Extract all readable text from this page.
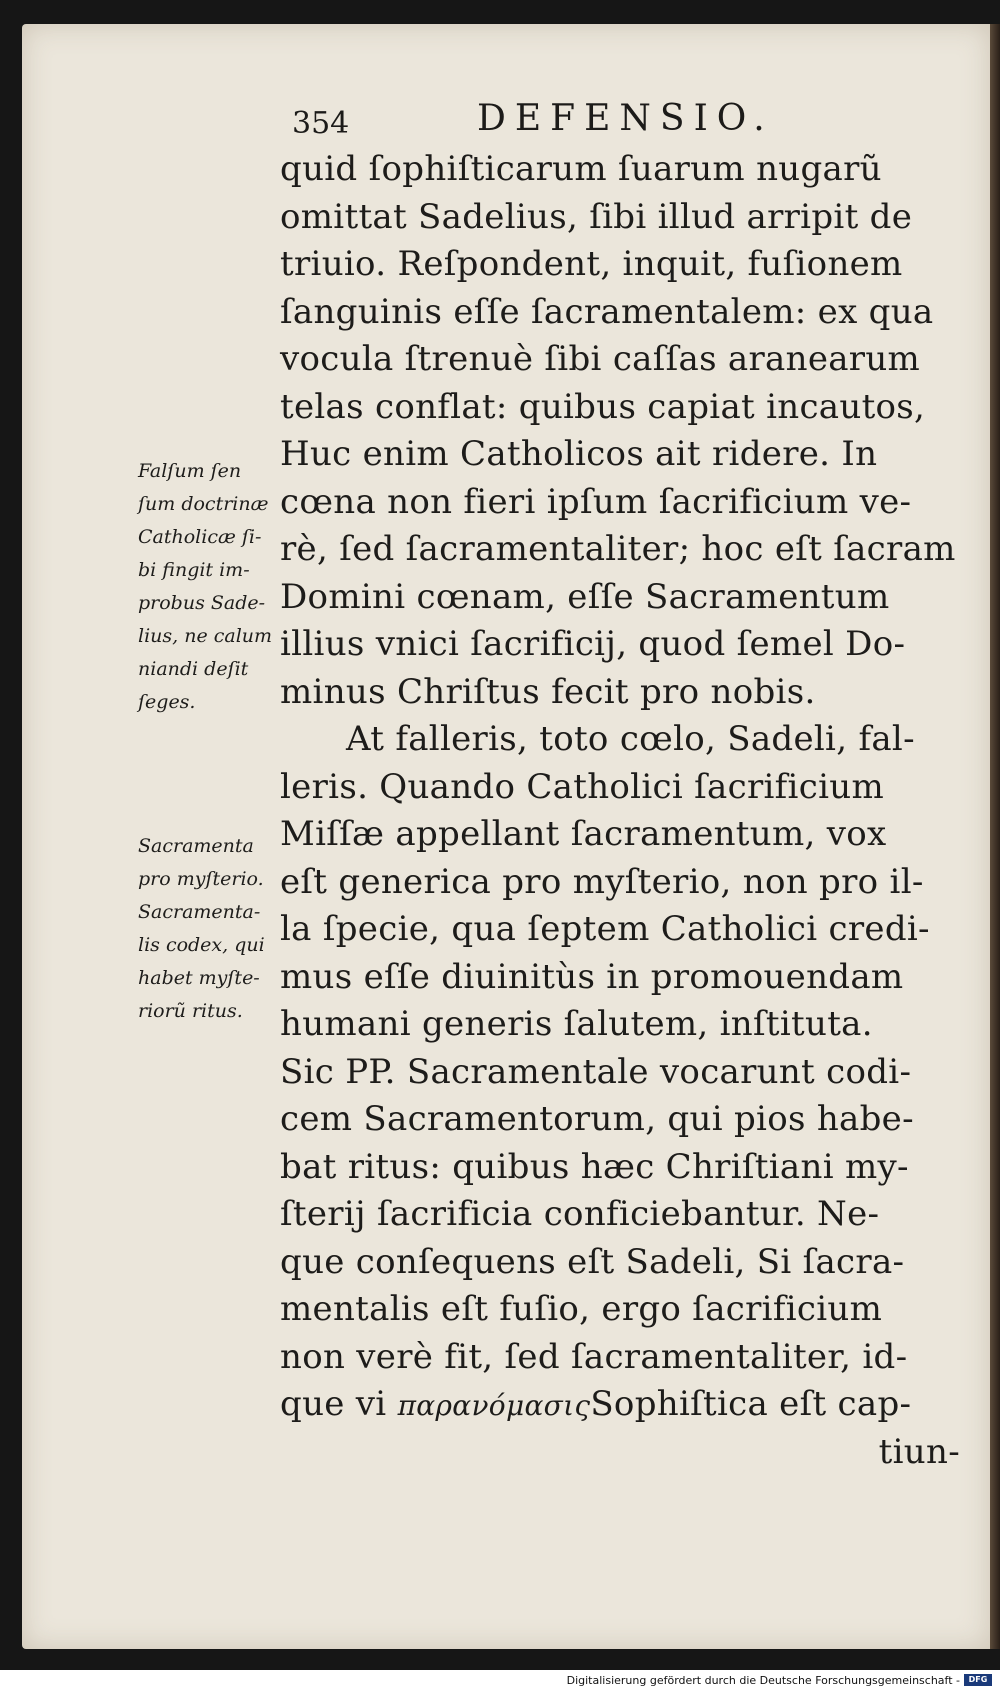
354	DEFENSIO.
quid ſophiſticarum ſuarum nugarũ
omittat Sadelius, ſibi illud arripit de
triuio. Reſpondent, inquit, fuſionem
ſanguinis eſſe ſacramentalem: ex qua
vocula ſtrenuè ſibi caſſas aranearum
telas conflat: quibus capiat incautos,
Huc enim Catholicos ait ridere. In
cœna non fieri ipſum ſacrificium ve-
rè, ſed ſacramentaliter; hoc eſt ſacram
Domini cœnam, eſſe Sacramentum
illius vnici ſacrificij, quod ſemel Do-
minus Chriſtus fecit pro nobis.
At falleris, toto cœlo, Sadeli, fal-
leris. Quando Catholici ſacrificium
Miſſæ appellant ſacramentum, vox
eſt generica pro myſterio, non pro il-
la ſpecie, qua ſeptem Catholici credi-
mus eſſe diuinitùs in promouendam
humani generis ſalutem, inſtituta.
Sic PP. Sacramentale vocarunt codi-
cem Sacramentorum, qui pios habe-
bat ritus: quibus hæc Chriſtiani my-
ſterij ſacrificia conficiebantur. Ne-
que conſequens eſt Sadeli, Si ſacra-
mentalis eſt fuſio, ergo ſacrificium
non verè fit, ſed ſacramentaliter, id-
que vi παρανόμασιςSophiſtica eſt cap-
tiun-
Falſum ſen
ſum doctrinæ
Catholicæ ſi-
bi fingit im-
probus Sade-
lius, ne calum
niandi deſit
ſeges.
Sacramenta
pro myſterio.
Sacramenta-
lis codex, qui
habet myſte-
riorũ ritus.
Digitalisierung gefördert durch die Deutsche Forschungsgemeinschaft -	DFG
